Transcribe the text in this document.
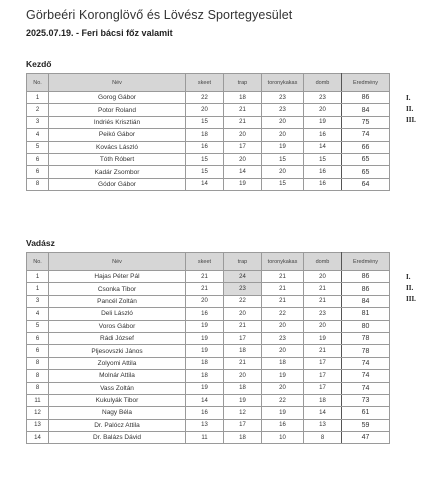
Görbeéri Koronglövő és Lövész Sportegyesület
2025.07.19. - Feri bácsi főz valamit
Kezdő
No.	Név	skeet	trap	toronykakas	domb	Eredmény
1	Gorog Gábor	22	18	23	23	86
2	Potor Roland	20	21	23	20	84
3	Indriés Krisztián	15	21	20	19	75
4	Peikó Gábor	18	20	20	16	74
5	Kovács László	16	17	19	14	66
6	Tóth Róbert	15	20	15	15	65
6	Kadár Zsombor	15	14	20	16	65
8	Gódor Gábor	14	19	15	16	64
I.
II.
III.
Vadász
No.	Név	skeet	trap	toronykakas	domb	Eredmény
1	Hajas Péter Pál	21	24	21	20	86
1	Csonka Tibor	21	23	21	21	86
3	Pancél Zoltán	20	22	21	21	84
4	Deli László	16	20	22	23	81
5	Voros Gábor	19	21	20	20	80
6	Rádi József	19	17	23	19	78
6	Pljesovszki János	19	18	20	21	78
8	Zolyomi Attila	18	21	18	17	74
8	Molnár Attila	18	20	19	17	74
8	Vass Zoltán	19	18	20	17	74
11	Kukulyák Tibor	14	19	22	18	73
12	Nagy Béla	16	12	19	14	61
13	Dr. Palócz Attila	13	17	16	13	59
14	Dr. Balázs Dávid	11	18	10	8	47
I.
II.
III.
